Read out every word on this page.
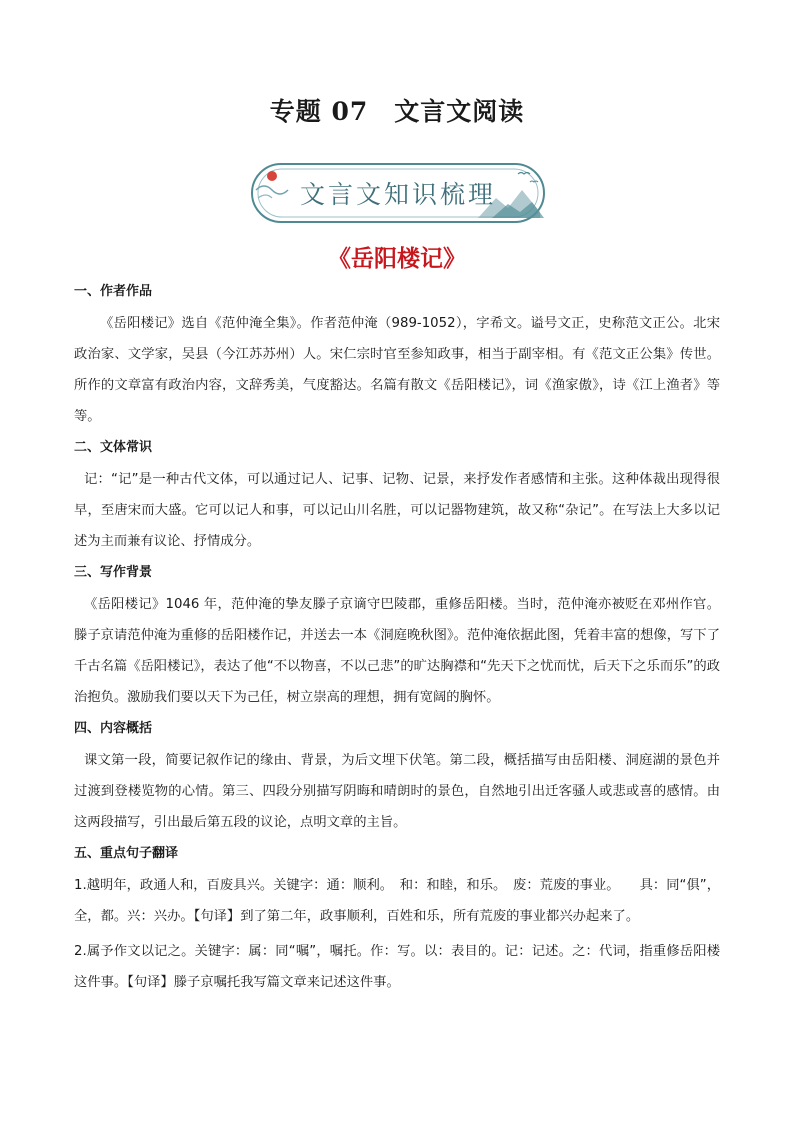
专题 07　文言文阅读
文言文知识梳理
《岳阳楼记》
一、作者作品
《岳阳楼记》选自《范仲淹全集》。作者范仲淹（989-1052），字希文。谥号文正，史称范文正公。北宋政治家、文学家，吴县（今江苏苏州）人。宋仁宗时官至参知政事，相当于副宰相。有《范文正公集》传世。所作的文章富有政治内容，文辞秀美，气度豁达。名篇有散文《岳阳楼记》，词《渔家傲》，诗《江上渔者》等等。
二、文体常识
记：“记”是一种古代文体，可以通过记人、记事、记物、记景，来抒发作者感情和主张。这种体裁出现得很早，至唐宋而大盛。它可以记人和事，可以记山川名胜，可以记器物建筑，故又称“杂记”。在写法上大多以记述为主而兼有议论、抒情成分。
三、写作背景
《岳阳楼记》1046 年，范仲淹的挚友滕子京谪守巴陵郡，重修岳阳楼。当时，范仲淹亦被贬在邓州作官。滕子京请范仲淹为重修的岳阳楼作记，并送去一本《洞庭晚秋图》。范仲淹依据此图，凭着丰富的想像，写下了千古名篇《岳阳楼记》，表达了他“不以物喜，不以己悲”的旷达胸襟和“先天下之忧而忧，后天下之乐而乐”的政治抱负。激励我们要以天下为己任，树立崇高的理想，拥有宽阔的胸怀。
四、内容概括
课文第一段，简要记叙作记的缘由、背景，为后文埋下伏笔。第二段，概括描写由岳阳楼、洞庭湖的景色并过渡到登楼览物的心情。第三、四段分别描写阴晦和晴朗时的景色，自然地引出迁客骚人或悲或喜的感情。由这两段描写，引出最后第五段的议论，点明文章的主旨。
五、重点句子翻译
1.越明年，政通人和，百废具兴。关键字：通：顺利。　和：和睦，和乐。　废：荒废的事业。　　具：同“俱”，全，都。兴：兴办。【句译】到了第二年，政事顺利，百姓和乐，所有荒废的事业都兴办起来了。
2.属予作文以记之。关键字：属：同“嘱”，嘱托。作：写。以：表目的。记：记述。之：代词，指重修岳阳楼这件事。【句译】滕子京嘱托我写篇文章来记述这件事。
